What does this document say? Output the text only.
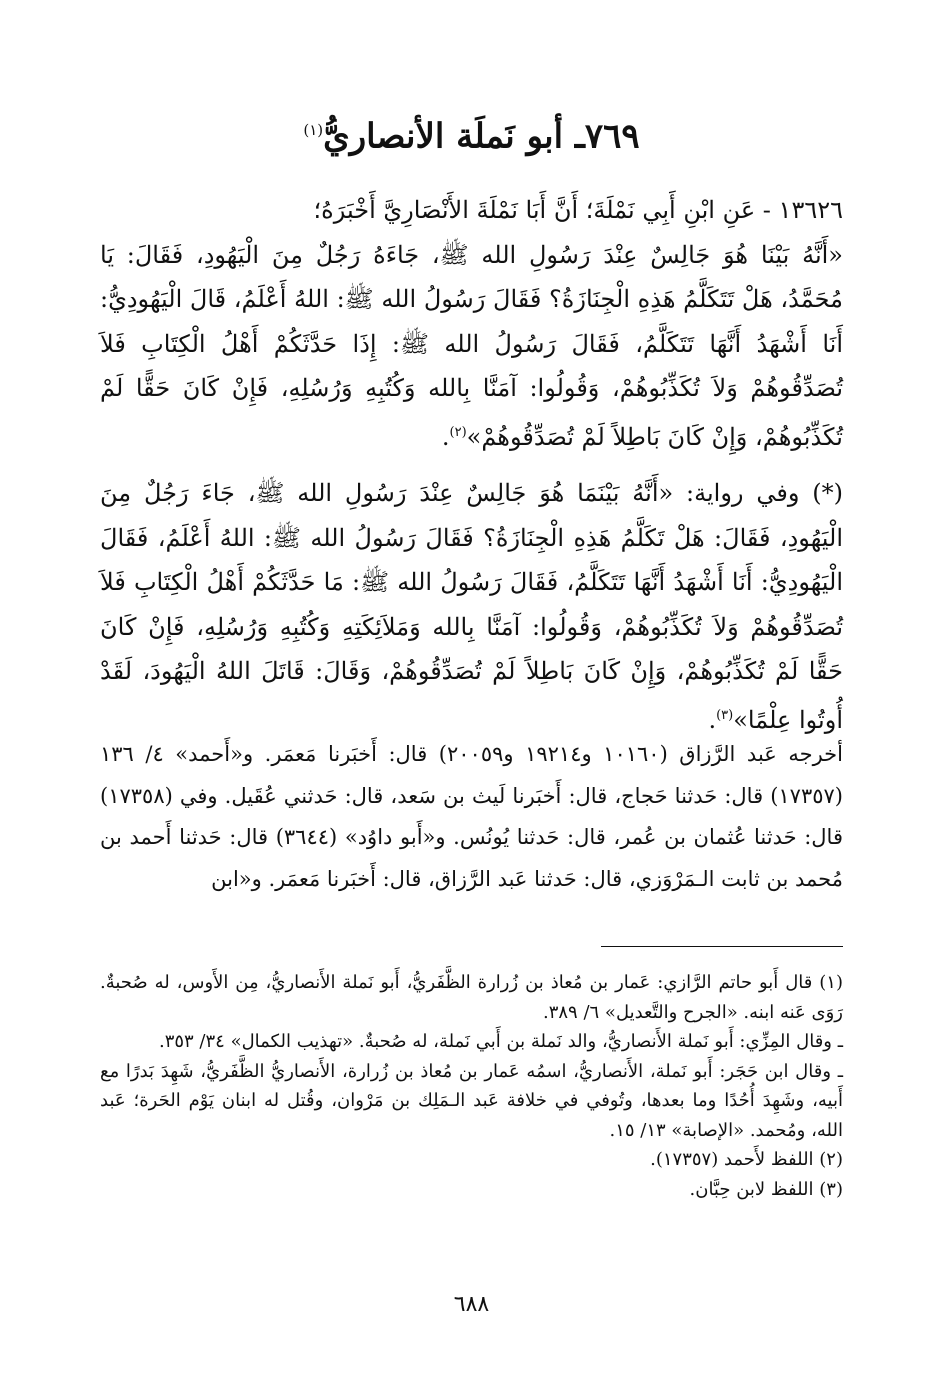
٧٦٩ـ أبو نَملَة الأنصاريُّ$^{(١)}$

١٣٦٢٦ - عَنِ ابْنِ أَبِي نَمْلَةَ؛ أَنَّ أَبَا نَمْلَةَ الأَنْصَارِيَّ أَخْبَرَهُ؛

«أَنَّهُ بَيْنَا هُوَ جَالِسٌ عِنْدَ رَسُولِ الله ﷺ، جَاءَهُ رَجُلٌ مِنَ الْيَهُودِ، فَقَالَ: يَا مُحَمَّدُ، هَلْ تَتَكَلَّمُ هَذِهِ الْجِنَازَةُ؟ فَقَالَ رَسُولُ الله ﷺ: اللهُ أَعْلَمُ، قَالَ الْيَهُودِيُّ: أَنَا أَشْهَدُ أَنَّهَا تَتَكَلَّمُ، فَقَالَ رَسُولُ الله ﷺ: إِذَا حَدَّثَكُمْ أَهْلُ الْكِتَابِ فَلاَ تُصَدِّقُوهُمْ وَلاَ تُكَذِّبُوهُمْ، وَقُولُوا: آمَنَّا بِالله وَكُتُبِهِ وَرُسُلِهِ، فَإِنْ كَانَ حَقًّا لَمْ تُكَذِّبُوهُمْ، وَإِنْ كَانَ بَاطِلاً لَمْ تُصَدِّقُوهُمْ»$^{(٢)}$.

(*) وفي رواية: «أَنَّهُ بَيْنَمَا هُوَ جَالِسٌ عِنْدَ رَسُولِ الله ﷺ، جَاءَ رَجُلٌ مِنَ الْيَهُودِ، فَقَالَ: هَلْ تَكَلَّمُ هَذِهِ الْجِنَازَةُ؟ فَقَالَ رَسُولُ الله ﷺ: اللهُ أَعْلَمُ، فَقَالَ الْيَهُودِيُّ: أَنَا أَشْهَدُ أَنَّهَا تَتَكَلَّمُ، فَقَالَ رَسُولُ الله ﷺ: مَا حَدَّثَكُمْ أَهْلُ الْكِتَابِ فَلاَ تُصَدِّقُوهُمْ وَلاَ تُكَذِّبُوهُمْ، وَقُولُوا: آمَنَّا بِالله وَمَلاَئِكَتِهِ وَكُتُبِهِ وَرُسُلِهِ، فَإِنْ كَانَ حَقًّا لَمْ تُكَذِّبُوهُمْ، وَإِنْ كَانَ بَاطِلاً لَمْ تُصَدِّقُوهُمْ، وَقَالَ: قَاتَلَ اللهُ الْيَهُودَ، لَقَدْ أُوتُوا عِلْمًا»$^{(٣)}$.

أخرجه عَبد الرَّزاق (١٠١٦٠ و١٩٢١٤ و٢٠٠٥٩) قال: أَخبَرنا مَعمَر. و«أَحمد» ٤/ ١٣٦ (١٧٣٥٧) قال: حَدثنا حَجاج، قال: أَخبَرنا لَيث بن سَعد، قال: حَدثني عُقَيل. وفي (١٧٣٥٨) قال: حَدثنا عُثمان بن عُمر، قال: حَدثنا يُونُس. و«أَبو داوُد» (٣٦٤٤) قال: حَدثنا أَحمد بن مُحمد بن ثابت الـمَرْوَزي، قال: حَدثنا عَبد الرَّزاق، قال: أَخبَرنا مَعمَر. و«ابن

(١) قال أَبو حاتم الرَّازي: عَمار بن مُعاذ بن زُرارة الظَّفَريُّ، أَبو نَملة الأَنصاريُّ، مِن الأَوس، له صُحبةٌ. رَوَى عَنه ابنه. «الجرح والتَّعديل» ٦/ ٣٨٩.

ـ وقال المِزِّي: أَبو نَملة الأَنصاريُّ، والد نَملة بن أَبي نَملة، له صُحبةٌ. «تهذيب الكمال» ٣٤/ ٣٥٣.

ـ وقال ابن حَجَر: أَبو نَملة، الأَنصاريُّ، اسمُه عَمار بن مُعاذ بن زُرارة، الأَنصاريُّ الظَّفَريُّ، شَهِدَ بَدرًا مع أَبيه، وشَهِدَ أُحُدًا وما بعدها، وتُوفي في خلافة عَبد الـمَلِك بن مَرْوان، وقُتل له ابنان يَوْم الحَرة؛ عَبد الله، ومُحمد. «الإصابة» ١٣/ ١٥.

(٢) اللفظ لأَحمد (١٧٣٥٧).

(٣) اللفظ لابن حِبَّان.

٦٨٨
